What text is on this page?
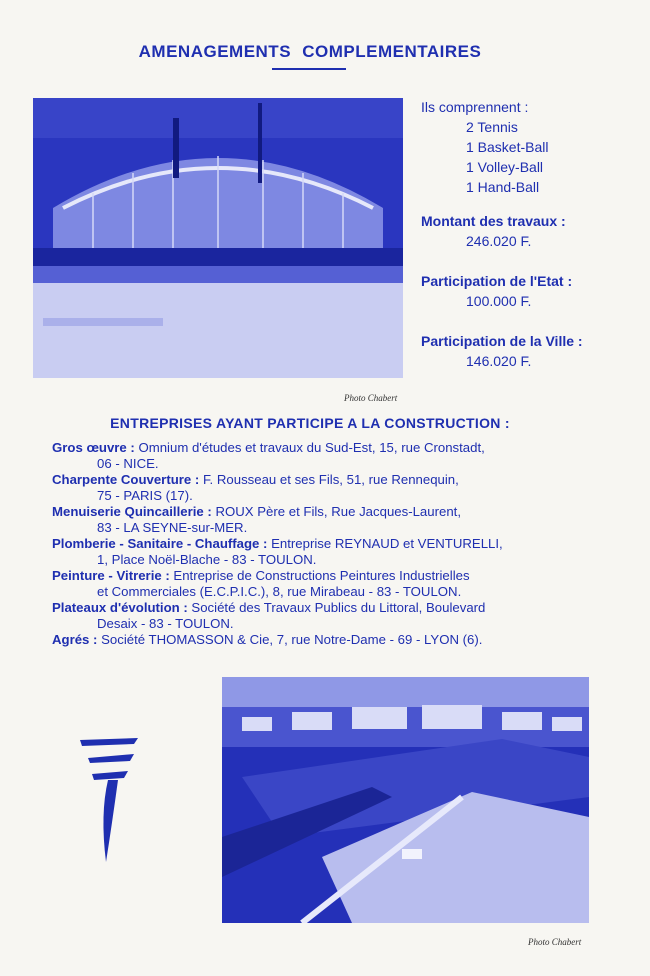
AMENAGEMENTS COMPLEMENTAIRES
Photo Chabert
Ils comprennent :
2 Tennis
1 Basket-Ball
1 Volley-Ball
1 Hand-Ball
Montant des travaux :
246.020 F.
Participation de l'Etat :
100.000 F.
Participation de la Ville :
146.020 F.
ENTREPRISES AYANT PARTICIPE A LA CONSTRUCTION :
Gros œuvre : Omnium d'études et travaux du Sud-Est, 15, rue Cronstadt,
06 - NICE.
Charpente Couverture : F. Rousseau et ses Fils, 51, rue Rennequin,
75 - PARIS (17).
Menuiserie Quincaillerie : ROUX Père et Fils, Rue Jacques-Laurent,
83 - LA SEYNE-sur-MER.
Plomberie - Sanitaire - Chauffage : Entreprise REYNAUD et VENTURELLI,
1, Place Noël-Blache - 83 - TOULON.
Peinture - Vitrerie : Entreprise de Constructions Peintures Industrielles
et Commerciales (E.C.P.I.C.), 8, rue Mirabeau - 83 - TOULON.
Plateaux d'évolution : Société des Travaux Publics du Littoral, Boulevard
Desaix - 83 - TOULON.
Agrés : Société THOMASSON & Cie, 7, rue Notre-Dame - 69 - LYON (6).
Photo Chabert
